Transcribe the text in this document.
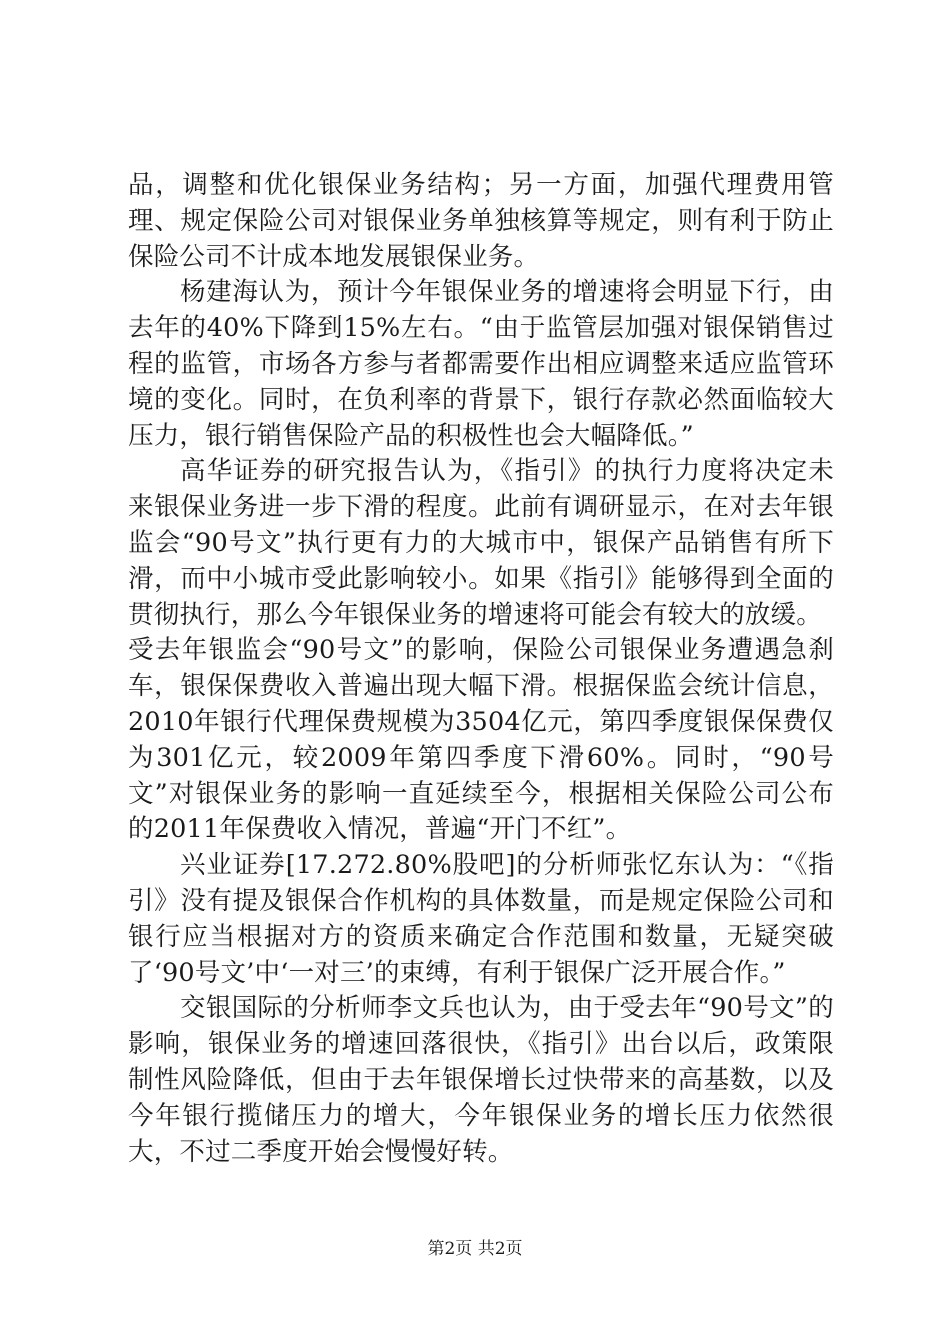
品，调整和优化银保业务结构；另一方面，加强代理费用管理、规定保险公司对银保业务单独核算等规定，则有利于防止保险公司不计成本地发展银保业务。

杨建海认为，预计今年银保业务的增速将会明显下行，由去年的40%下降到15%左右。“由于监管层加强对银保销售过程的监管，市场各方参与者都需要作出相应调整来适应监管环境的变化。同时，在负利率的背景下，银行存款必然面临较大压力，银行销售保险产品的积极性也会大幅降低。”

高华证券的研究报告认为，《指引》的执行力度将决定未来银保业务进一步下滑的程度。此前有调研显示，在对去年银监会“90号文”执行更有力的大城市中，银保产品销售有所下滑，而中小城市受此影响较小。如果《指引》能够得到全面的贯彻执行，那么今年银保业务的增速将可能会有较大的放缓。

受去年银监会“90号文”的影响，保险公司银保业务遭遇急刹车，银保保费收入普遍出现大幅下滑。根据保监会统计信息，2010年银行代理保费规模为3504亿元，第四季度银保保费仅为301亿元，较2009年第四季度下滑60%。同时，“90号文”对银保业务的影响一直延续至今，根据相关保险公司公布的2011年保费收入情况，普遍“开门不红”。

兴业证券[17.272.80%股吧]的分析师张忆东认为：“《指引》没有提及银保合作机构的具体数量，而是规定保险公司和银行应当根据对方的资质来确定合作范围和数量，无疑突破了‘90号文’中‘一对三’的束缚，有利于银保广泛开展合作。”

交银国际的分析师李文兵也认为，由于受去年“90号文”的影响，银保业务的增速回落很快，《指引》出台以后，政策限制性风险降低，但由于去年银保增长过快带来的高基数，以及今年银行揽储压力的增大，今年银保业务的增长压力依然很大，不过二季度开始会慢慢好转。

第2页 共2页
